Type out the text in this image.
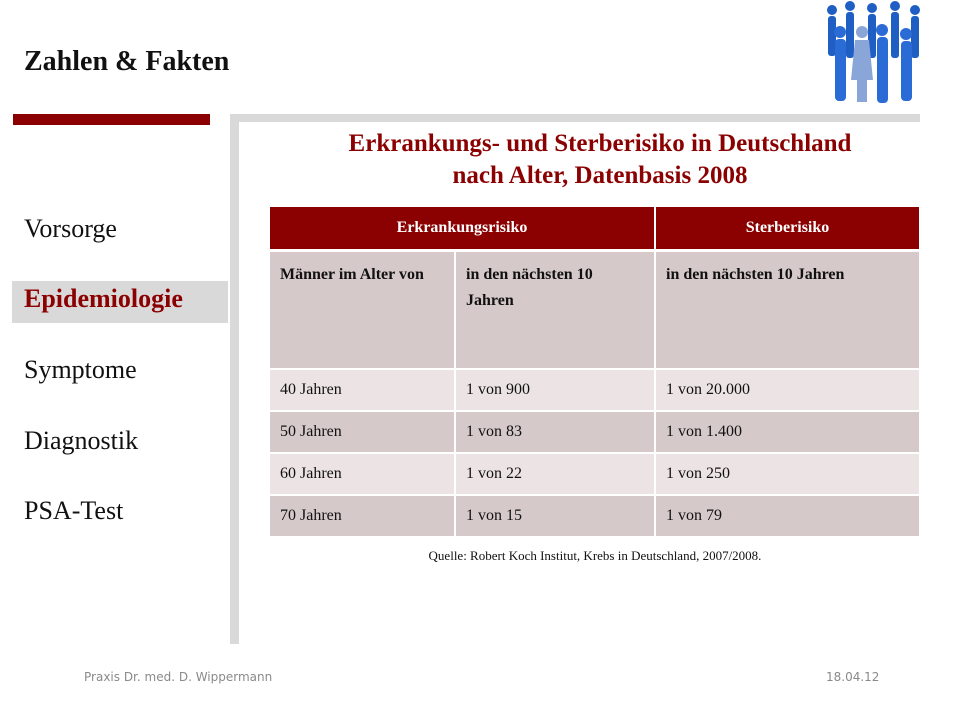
Zahlen & Fakten
Vorsorge
Epidemiologie
Symptome
Diagnostik
PSA-Test
Erkrankungs- und Sterberisiko in Deutschland
nach Alter, Datenbasis 2008
Erkrankungsrisiko		Sterberisiko
Männer im Alter von	in den nächsten 10 Jahren	in den nächsten 10 Jahren
40 Jahren	1 von 900	1 von 20.000
50 Jahren	1 von 83	1 von 1.400
60 Jahren	1 von 22	1 von 250
70 Jahren	1 von 15	1 von 79
Quelle: Robert Koch Institut, Krebs in Deutschland, 2007/2008.
Praxis Dr. med. D. Wippermann	18.04.12
